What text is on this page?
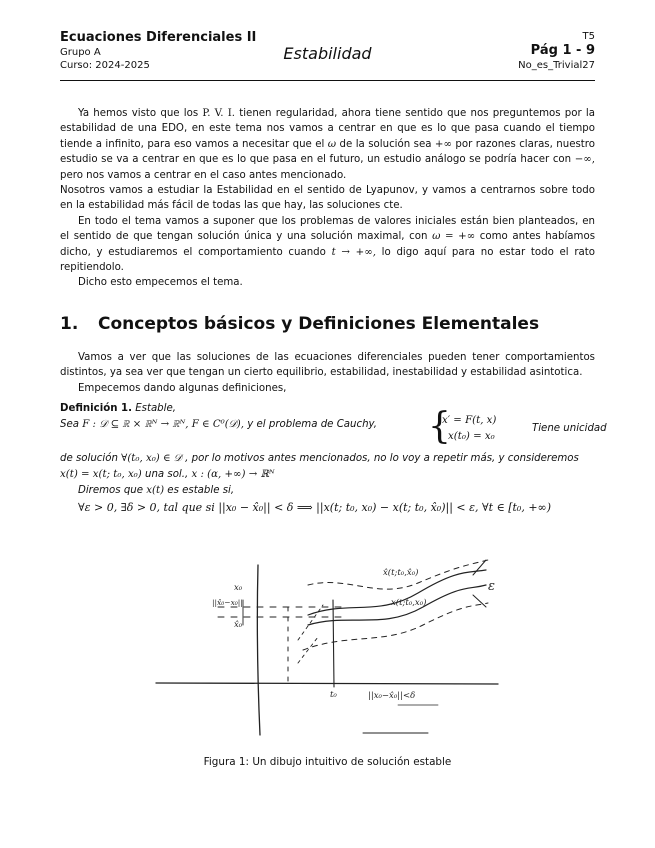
Ecuaciones Diferenciales II
Grupo A
Curso: 2024-2025
Estabilidad
T5
Pág 1 - 9
No_es_Trivial27

Ya hemos visto que los P. V. I. tienen regularidad, ahora tiene sentido que nos preguntemos por la estabilidad de una EDO, en este tema nos vamos a centrar en que es lo que pasa cuando el tiempo tiende a infinito, para eso vamos a necesitar que el ω de la solución sea +∞ por razones claras, nuestro estudio se va a centrar en que es lo que pasa en el futuro, un estudio análogo se podría hacer con −∞, pero nos vamos a centrar en el caso antes mencionado.

Nosotros vamos a estudiar la Estabilidad en el sentido de Lyapunov, y vamos a centrarnos sobre todo en la estabilidad más fácil de todas las que hay, las soluciones cte.

En todo el tema vamos a suponer que los problemas de valores iniciales están bien planteados, en el sentido de que tengan solución única y una solución maximal, con ω = +∞ como antes habíamos dicho, y estudiaremos el comportamiento cuando t → +∞, lo digo aquí para no estar todo el rato repitiendolo.

Dicho esto empecemos el tema.

1. Conceptos básicos y Definiciones Elementales

Vamos a ver que las soluciones de las ecuaciones diferenciales pueden tener comportamientos distintos, ya sea ver que tengan un cierto equilibrio, estabilidad, inestabilidad y estabilidad asintotica.

Empecemos dando algunas definiciones,

Definición 1. Estable,
Sea F : 𝒟 ⊆ ℝ × ℝᴺ → ℝᴺ, F ∈ C⁰(𝒟), y el problema de Cauchy, {
x′ = F(t, x)
x(t₀) = x₀
Tiene unicidad
de solución ∀(t₀, x₀) ∈ 𝒟 , por lo motivos antes mencionados, no lo voy a repetir más, y consideremos
x(t) = x(t; t₀, x₀) una sol., x : (α, +∞) → ℝᴺ
Diremos que x(t) es estable si,
∀ε > 0, ∃δ > 0, tal que si ||x₀ − x̂₀|| < δ ⟹ ||x(t; t₀, x₀) − x(t; t₀, x̂₀)|| < ε, ∀t ∈ [t₀, +∞)
x̂(t;t₀,x̂₀)
x(t;t₀,x₀)
ε
x₀
||x̂₀−x₀||
x̂₀
t₀	||x₀−x̂₀||<δ
Figura 1: Un dibujo intuitivo de solución estable
